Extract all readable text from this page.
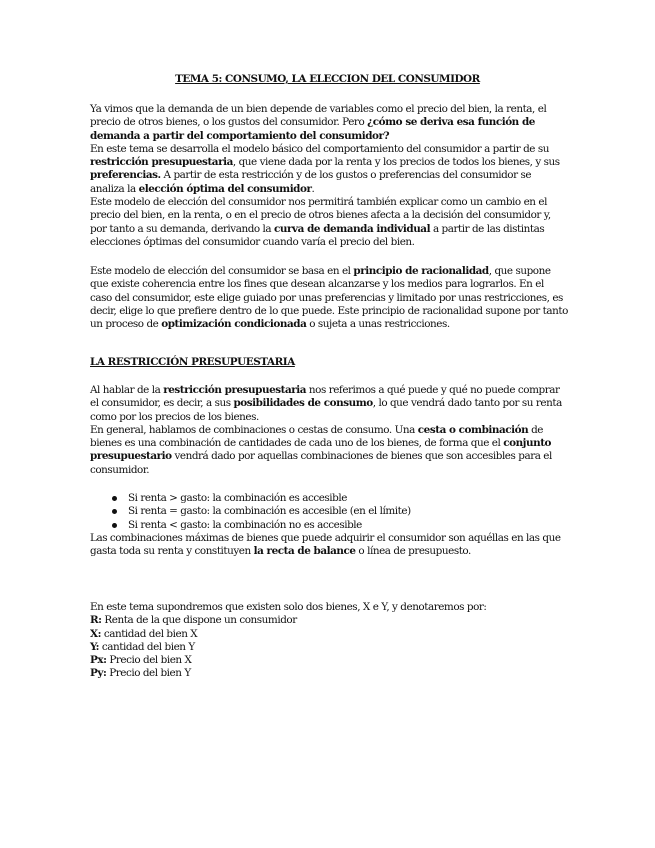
TEMA 5: CONSUMO, LA ELECCION DEL CONSUMIDOR

Ya vimos que la demanda de un bien depende de variables como el precio del bien, la renta, el precio de otros bienes, o los gustos del consumidor. Pero ¿cómo se deriva esa función de demanda a partir del comportamiento del consumidor?

En este tema se desarrolla el modelo básico del comportamiento del consumidor a partir de su restricción presupuestaria, que viene dada por la renta y los precios de todos los bienes, y sus preferencias. A partir de esta restricción y de los gustos o preferencias del consumidor se analiza la elección óptima del consumidor.

Este modelo de elección del consumidor nos permitirá también explicar como un cambio en el precio del bien, en la renta, o en el precio de otros bienes afecta a la decisión del consumidor y, por tanto a su demanda, derivando la curva de demanda individual a partir de las distintas elecciones óptimas del consumidor cuando varía el precio del bien.

Este modelo de elección del consumidor se basa en el principio de racionalidad, que supone que existe coherencia entre los fines que desean alcanzarse y los medios para lograrlos. En el caso del consumidor, este elige guiado por unas preferencias y limitado por unas restricciones, es decir, elige lo que prefiere dentro de lo que puede. Este principio de racionalidad supone por tanto un proceso de optimización condicionada o sujeta a unas restricciones.

LA RESTRICCIÓN PRESUPUESTARIA

Al hablar de la restricción presupuestaria nos referimos a qué puede y qué no puede comprar el consumidor, es decir, a sus posibilidades de consumo, lo que vendrá dado tanto por su renta como por los precios de los bienes.

En general, hablamos de combinaciones o cestas de consumo. Una cesta o combinación de bienes es una combinación de cantidades de cada uno de los bienes, de forma que el conjunto presupuestario vendrá dado por aquellas combinaciones de bienes que son accesibles para el consumidor.

Si renta > gasto: la combinación es accesible
Si renta = gasto: la combinación es accesible (en el límite)
Si renta < gasto: la combinación no es accesible

Las combinaciones máximas de bienes que puede adquirir el consumidor son aquéllas en las que gasta toda su renta y constituyen la recta de balance o línea de presupuesto.

En este tema supondremos que existen solo dos bienes, X e Y, y denotaremos por:

R: Renta de la que dispone un consumidor

X: cantidad del bien X

Y: cantidad del bien Y

Px: Precio del bien X

Py: Precio del bien Y
